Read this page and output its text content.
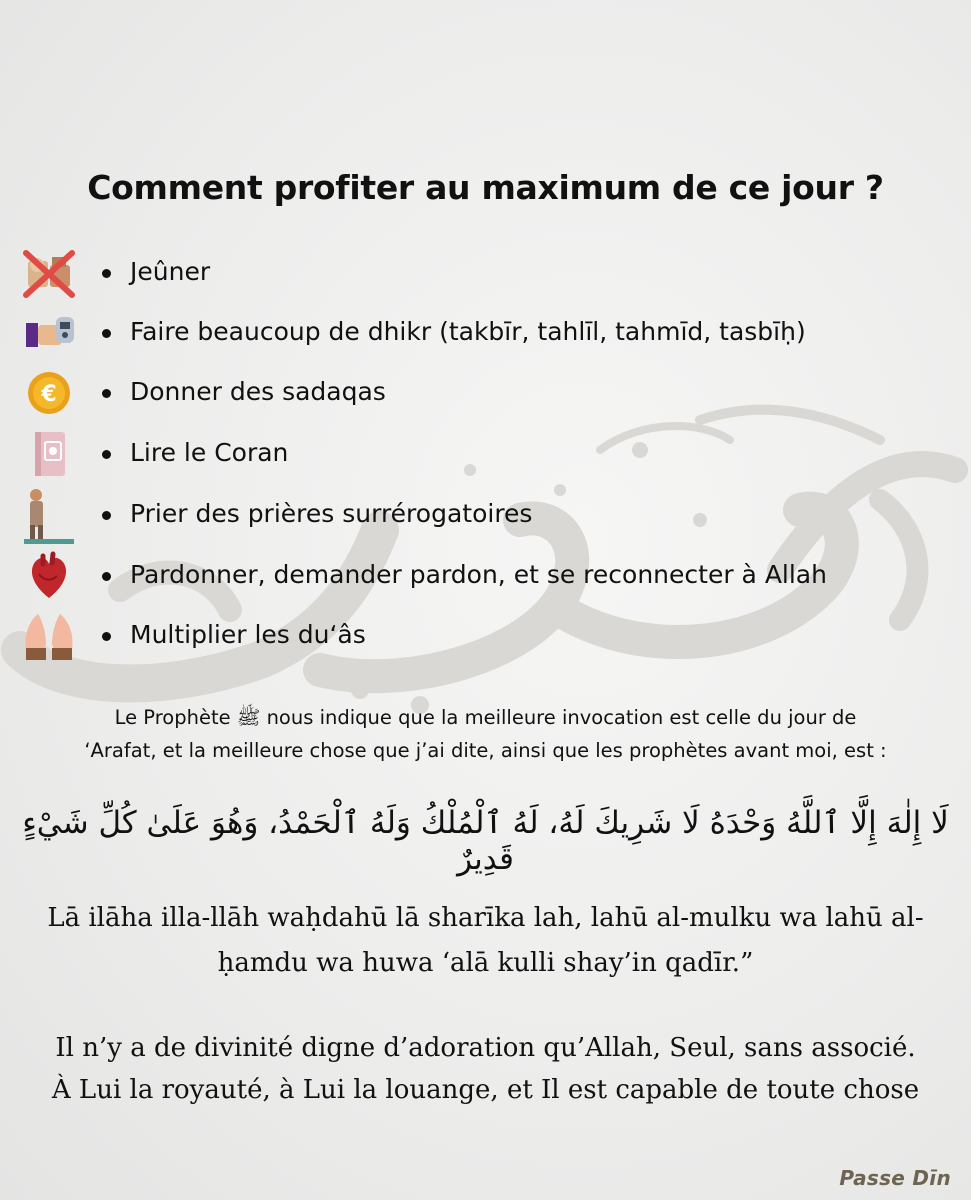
Comment profiter au maximum de ce jour ?
Jeûner
Faire beaucoup de dhikr (takbīr, tahlīl, tahmīd, tasbīḥ)
€	Donner des sadaqas
Lire le Coran
Prier des prières surrérogatoires
Pardonner, demander pardon, et se reconnecter à Allah
Multiplier les du‘âs
Le Prophète ﷺ nous indique que la meilleure invocation est celle du jour de
‘Arafat, et la meilleure chose que j’ai dite, ainsi que les prophètes avant moi, est :
لَا إِلٰهَ إِلَّا ٱللَّهُ وَحْدَهُ لَا شَرِيكَ لَهُ، لَهُ ٱلْمُلْكُ وَلَهُ ٱلْحَمْدُ، وَهُوَ عَلَىٰ كُلِّ شَيْءٍ قَدِيرٌ
Lā ilāha illa-llāh waḥdahū lā sharīka lah, lahū al-mulku wa lahū al-
ḥamdu wa huwa ‘alā kulli shay’in qadīr.”
Il n’y a de divinité digne d’adoration qu’Allah, Seul, sans associé.
À Lui la royauté, à Lui la louange, et Il est capable de toute chose
Passe Dīn
